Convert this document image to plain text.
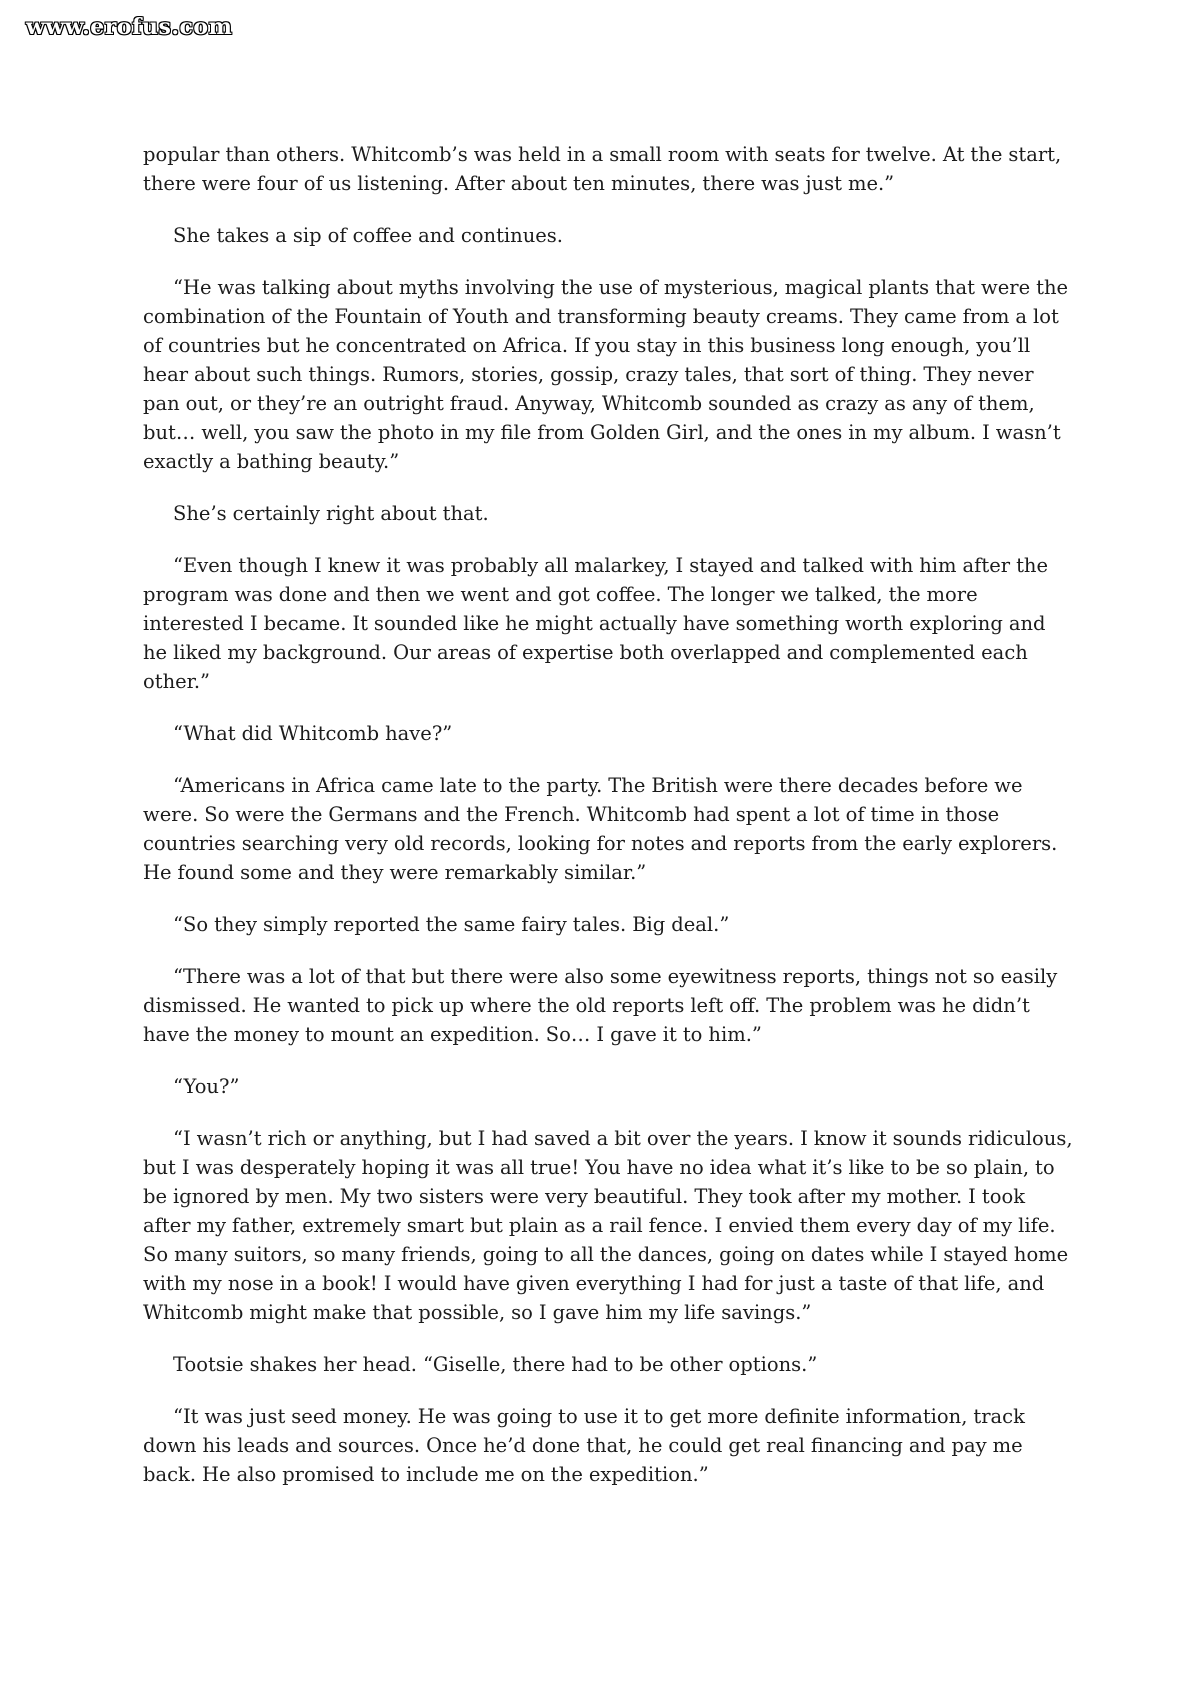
www.erofus.com

popular than others. Whitcomb’s was held in a small room with seats for twelve. At the start, there were four of us listening. After about ten minutes, there was just me.”

She takes a sip of coffee and continues.

“He was talking about myths involving the use of mysterious, magical plants that were the combination of the Fountain of Youth and transforming beauty creams. They came from a lot of countries but he concentrated on Africa. If you stay in this business long enough, you’ll hear about such things. Rumors, stories, gossip, crazy tales, that sort of thing. They never pan out, or they’re an outright fraud. Anyway, Whitcomb sounded as crazy as any of them, but… well, you saw the photo in my file from Golden Girl, and the ones in my album. I wasn’t exactly a bathing beauty.”

She’s certainly right about that.

“Even though I knew it was probably all malarkey, I stayed and talked with him after the program was done and then we went and got coffee. The longer we talked, the more interested I became. It sounded like he might actually have something worth exploring and he liked my background. Our areas of expertise both overlapped and complemented each other.”

“What did Whitcomb have?”

“Americans in Africa came late to the party. The British were there decades before we were. So were the Germans and the French. Whitcomb had spent a lot of time in those countries searching very old records, looking for notes and reports from the early explorers. He found some and they were remarkably similar.”

“So they simply reported the same fairy tales. Big deal.”

“There was a lot of that but there were also some eyewitness reports, things not so easily dismissed. He wanted to pick up where the old reports left off. The problem was he didn’t have the money to mount an expedition. So… I gave it to him.”

“You?”

“I wasn’t rich or anything, but I had saved a bit over the years. I know it sounds ridiculous, but I was desperately hoping it was all true! You have no idea what it’s like to be so plain, to be ignored by men. My two sisters were very beautiful. They took after my mother. I took after my father, extremely smart but plain as a rail fence. I envied them every day of my life. So many suitors, so many friends, going to all the dances, going on dates while I stayed home with my nose in a book! I would have given everything I had for just a taste of that life, and Whitcomb might make that possible, so I gave him my life savings.”

Tootsie shakes her head. “Giselle, there had to be other options.”

“It was just seed money. He was going to use it to get more definite information, track down his leads and sources. Once he’d done that, he could get real financing and pay me back. He also promised to include me on the expedition.”
